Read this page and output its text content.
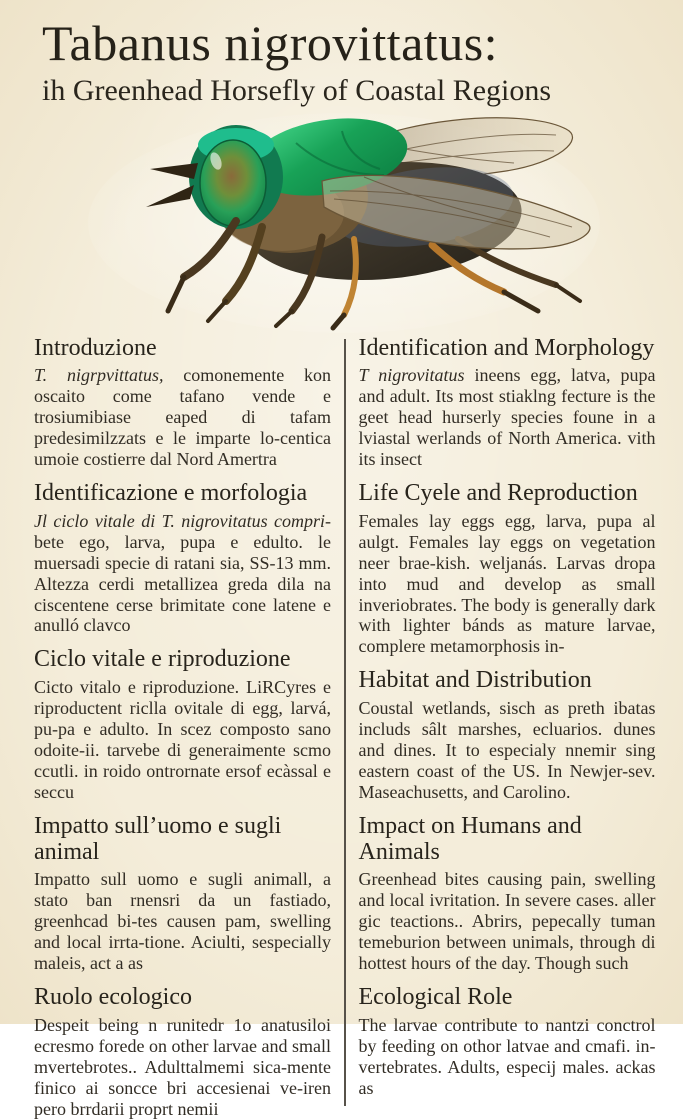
Tabanus nigrovittatus:
ih Greenhead Horsefly of Coastal Regions
Introduzione

T. nigrpvittatus, comonemente kon oscaito come tafano vende e trosiumibiase eaped di tafam predesimilzzats e le imparte lo-centica umoie costierre dal Nord Amertra

Identificazione e morfologia

Jl ciclo vitale di T. nigrovitatus compri-bete ego, larva, pupa e edulto. le muersadi specie di ratani sia, SS-13 mm. Altezza cerdi metallizea greda dila na ciscentene cerse brimitate cone latene e anulló clavco

Ciclo vitale e riproduzione

Cicto vitalo e riproduzione. LiRCyres e riproductent riclla ovitale di egg, larvá, pu-pa e adulto. In scez composto sano odoite-ii. tarvebe di generaimente scmo ccutli. in roido ontrornate ersof ecàssal e seccu

Impatto sull’uomo e sugli animal

Impatto sull uomo e sugli animall, a stato ban rnensri da un fastiado, greenhcad bi-tes causen pam, swelling and local irrta-tione. Aciulti, sespecially maleis, act a as

Ruolo ecologico

Despeit being n runitedr 1o anatusiloi ecresmo forede on other larvae and small mvertebrotes.. Adulttalmemi sica-mente finico ai soncce bri accesienai ve-iren pero brrdarii proprt nemii

Identification and Morphology

T nigrovitatus ineens egg, latva, pupa and adult. Its most stiaklng fecture is the geet head hurserly species foune in a lviastal werlands of North America. vith its insect

Life Cyele and Reproduction

Females lay eggs egg, larva, pupa al aulgt. Females lay eggs on vegetation neer brae-kish. weljanás. Larvas dropa into mud and develop as small inveriobrates. The body is generally dark with lighter bánds as mature larvae, complere metamorphosis in-

Habitat and Distribution

Coustal wetlands, sisch as preth ibatas includs sâlt marshes, ecluarios. dunes and dines. It to especialy nnemir sing eastern coast of the US. In Newjer-sev. Maseachusetts, and Carolino.

Impact on Humans and Animals

Greenhead bites causing pain, swelling and local ivritation. In severe cases. aller gic teactions.. Abrirs, pepecally tuman temeburion between unimals, through di hottest hours of the day. Though such

Ecological Role

The larvae contribute to nantzi conctrol by feeding on othor latvae and cmafi. in-vertebrates. Adults, especij males. ackas as
